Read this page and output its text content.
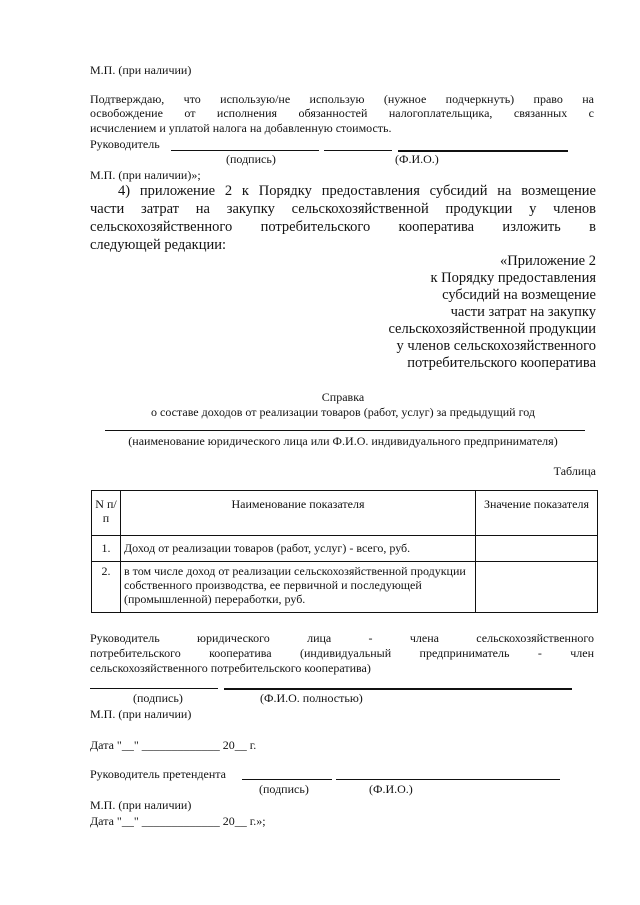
М.П. (при наличии)
Подтверждаю, что использую/не использую (нужное подчеркнуть) право на
освобождение от исполнения обязанностей налогоплательщика, связанных с
исчислением и уплатой налога на добавленную стоимость.
Руководитель
(подпись)	(Ф.И.О.)
М.П. (при наличии)»;
4) приложение 2 к Порядку предоставления субсидий на возмещение
части затрат на закупку сельскохозяйственной продукции у членов
сельскохозяйственного потребительского кооператива изложить в
следующей редакции:
«Приложение 2
к Порядку предоставления
субсидий на возмещение
части затрат на закупку
сельскохозяйственной продукции
у членов сельскохозяйственного
потребительского кооператива
Справка
о составе доходов от реализации товаров (работ, услуг) за предыдущий год
(наименование юридического лица или Ф.И.О. индивидуального предпринимателя)
Таблица
N п/п	Наименование показателя	Значение показателя
1.	Доход от реализации товаров (работ, услуг) - всего, руб.	
2.	в том числе доход от реализации сельскохозяйственной продукции собственного производства, ее первичной и последующей (промышленной) переработки, руб.	
Руководитель юридического лица - члена сельскохозяйственного
потребительского кооператива (индивидуальный предприниматель - член
сельскохозяйственного потребительского кооператива)
(подпись)	(Ф.И.О. полностью)
М.П. (при наличии)
Дата "__" _____________ 20__ г.
Руководитель претендента
(подпись)	(Ф.И.О.)
М.П. (при наличии)
Дата "__" _____________ 20__ г.»;
